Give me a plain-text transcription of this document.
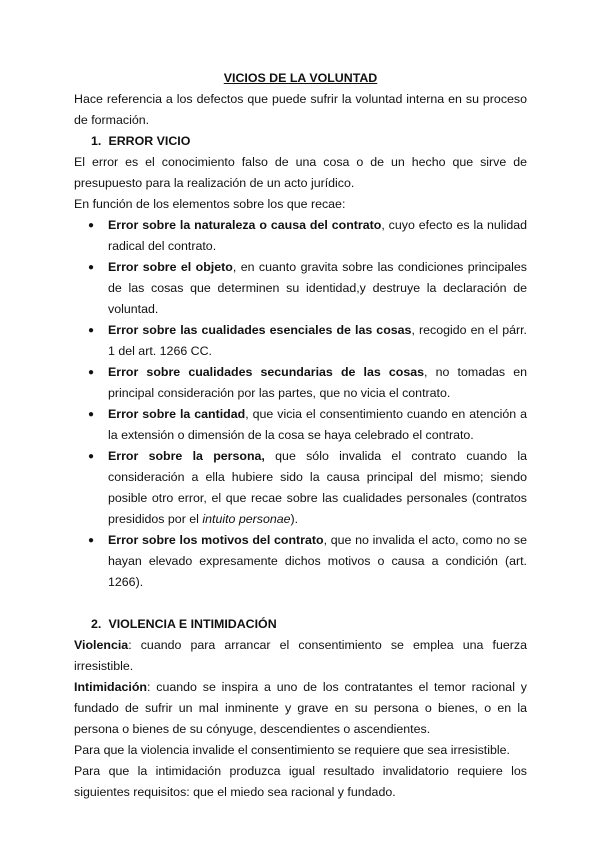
VICIOS DE LA VOLUNTAD

Hace referencia a los defectos que puede sufrir la voluntad interna en su proceso de formación.

1. ERROR VICIO

El error es el conocimiento falso de una cosa o de un hecho que sirve de presupuesto para la realización de un acto jurídico.

En función de los elementos sobre los que recae:

● Error sobre la naturaleza o causa del contrato, cuyo efecto es la nulidad radical del contrato.
● Error sobre el objeto, en cuanto gravita sobre las condiciones principales de las cosas que determinen su identidad,y destruye la declaración de voluntad.
● Error sobre las cualidades esenciales de las cosas, recogido en el párr. 1 del art. 1266 CC.
● Error sobre cualidades secundarias de las cosas, no tomadas en principal consideración por las partes, que no vicia el contrato.
● Error sobre la cantidad, que vicia el consentimiento cuando en atención a la extensión o dimensión de la cosa se haya celebrado el contrato.
● Error sobre la persona, que sólo invalida el contrato cuando la consideración a ella hubiere sido la causa principal del mismo; siendo posible otro error, el que recae sobre las cualidades personales (contratos presididos por el intuito personae).
● Error sobre los motivos del contrato, que no invalida el acto, como no se hayan elevado expresamente dichos motivos o causa a condición (art. 1266).

2. VIOLENCIA E INTIMIDACIÓN

Violencia: cuando para arrancar el consentimiento se emplea una fuerza irresistible.

Intimidación: cuando se inspira a uno de los contratantes el temor racional y fundado de sufrir un mal inminente y grave en su persona o bienes, o en la persona o bienes de su cónyuge, descendientes o ascendientes.

Para que la violencia invalide el consentimiento se requiere que sea irresistible.

Para que la intimidación produzca igual resultado invalidatorio requiere los siguientes requisitos: que el miedo sea racional y fundado.
